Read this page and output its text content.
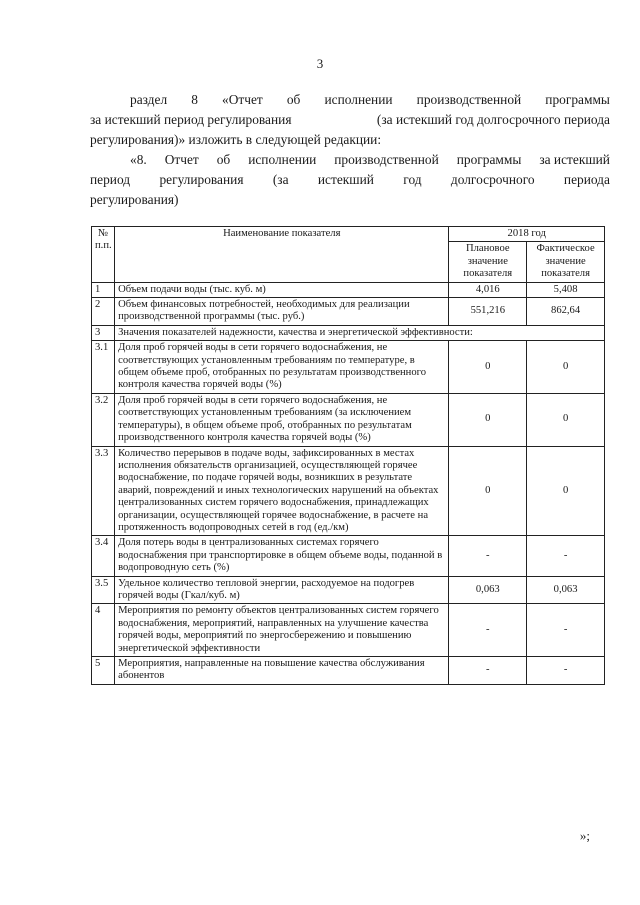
3
раздел 8 «Отчет об исполнении производственной программы
за истекший период регулирования	(за истекший год долгосрочного периода
регулирования)» изложить в следующей редакции:
«8. Отчет об исполнении производственной программы за истекший
период регулирования (за истекший год долгосрочного периода
регулирования)
№ п.п.	Наименование показателя	2018 год	
		Плановое значение показателя	Фактическое значение показателя
1	Объем подачи воды (тыс. куб. м)	4,016	5,408
2	Объем финансовых потребностей, необходимых для реализации производственной программы (тыс. руб.)	551,216	862,64
3	Значения показателей надежности, качества и энергетической эффективности:		
3.1	Доля проб горячей воды в сети горячего водоснабжения, не соответствующих установленным требованиям по температуре, в общем объеме проб, отобранных по результатам производственного контроля качества горячей воды (%)	0	0
3.2	Доля проб горячей воды в сети горячего водоснабжения, не соответствующих установленным требованиям (за исключением температуры), в общем объеме проб, отобранных по результатам производственного контроля качества горячей воды (%)	0	0
3.3	Количество перерывов в подаче воды, зафиксированных в местах исполнения обязательств организацией, осуществляющей горячее водоснабжение, по подаче горячей воды, возникших в результате аварий, повреждений и иных технологических нарушений на объектах централизованных систем горячего водоснабжения, принадлежащих организации, осуществляющей горячее водоснабжение, в расчете на протяженность водопроводных сетей в год (ед./км)	0	0
3.4	Доля потерь воды в централизованных системах горячего водоснабжения при транспортировке в общем объеме воды, поданной в водопроводную сеть (%)	-	-
3.5	Удельное количество тепловой энергии, расходуемое на подогрев горячей воды (Гкал/куб. м)	0,063	0,063
4	Мероприятия по ремонту объектов централизованных систем горячего водоснабжения, мероприятий, направленных на улучшение качества горячей воды, мероприятий по энергосбережению и повышению энергетической эффективности	-	-
5	Мероприятия, направленные на повышение качества обслуживания абонентов	-	-
»;
